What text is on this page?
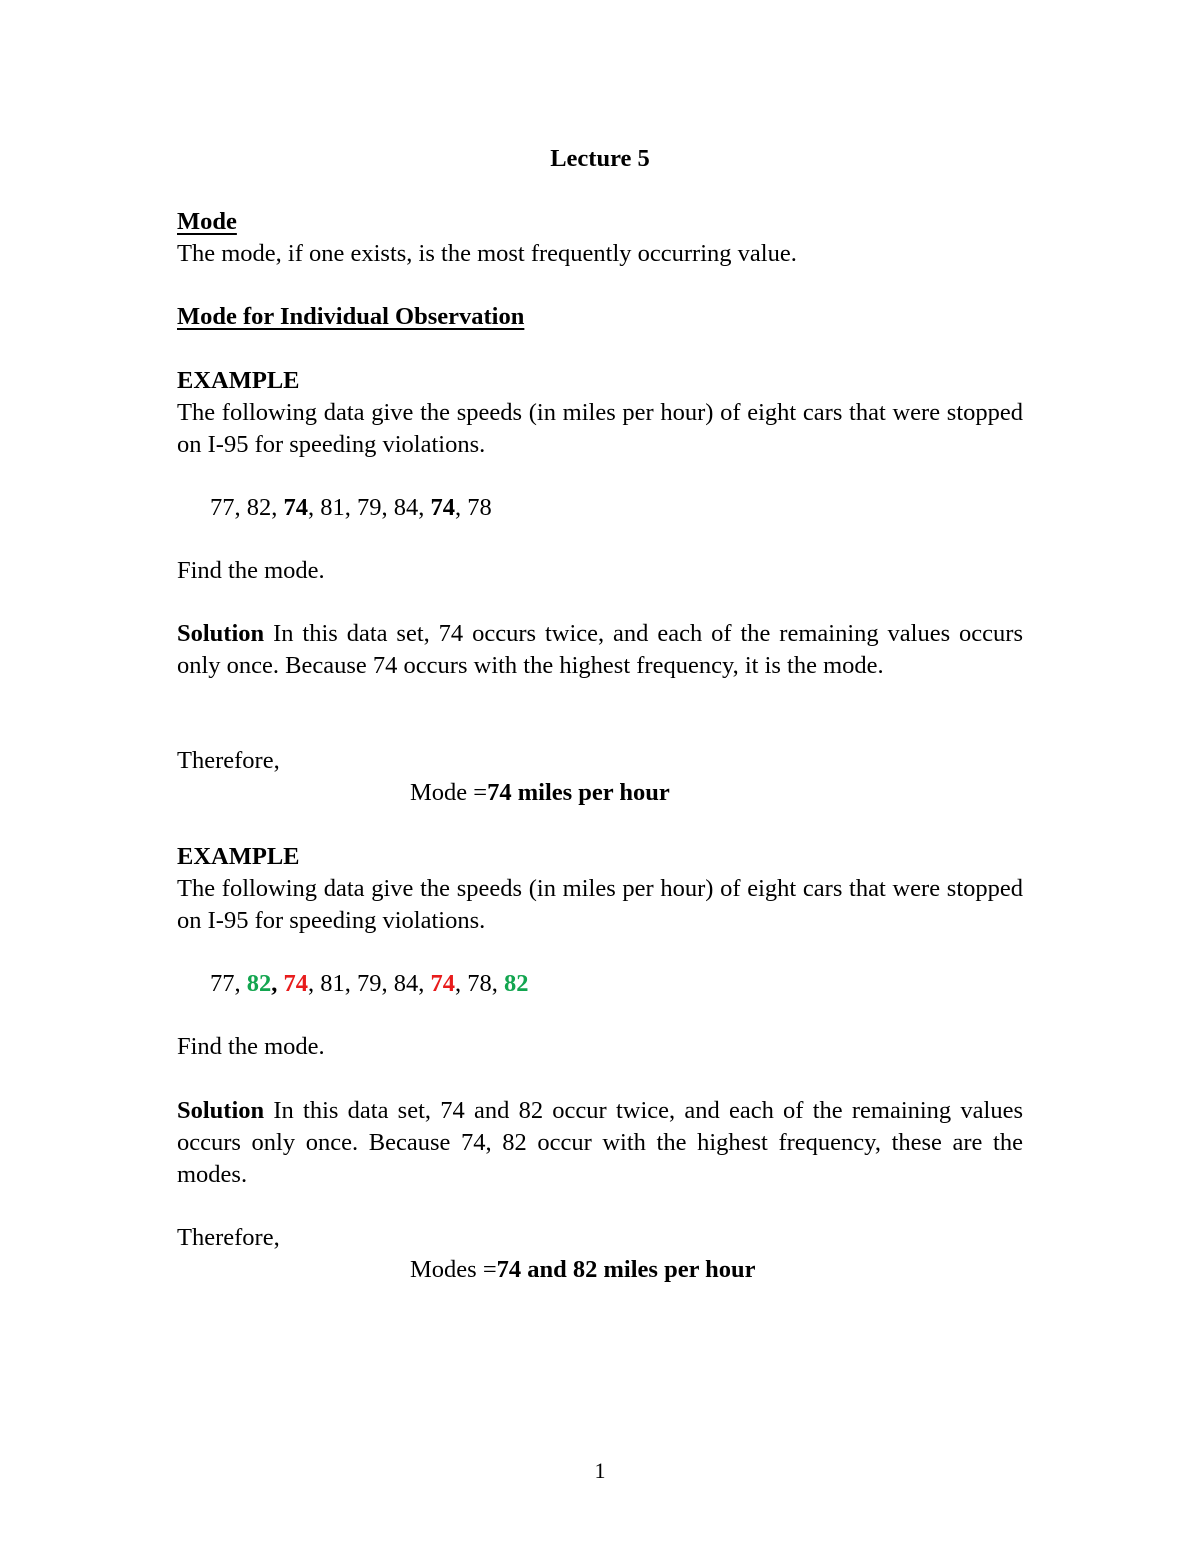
Lecture 5
Mode
The mode, if one exists, is the most frequently occurring value.
Mode for Individual Observation
EXAMPLE
The following data give the speeds (in miles per hour) of eight cars that were stopped on I-95 for speeding violations.
77, 82, 74, 81, 79, 84, 74, 78
Find the mode.
Solution In this data set, 74 occurs twice, and each of the remaining values occurs only once. Because 74 occurs with the highest frequency, it is the mode.
Therefore,
Mode =74 miles per hour
EXAMPLE
The following data give the speeds (in miles per hour) of eight cars that were stopped on I-95 for speeding violations.
77, 82, 74, 81, 79, 84, 74, 78, 82
Find the mode.
Solution In this data set, 74 and 82 occur twice, and each of the remaining values occurs only once. Because 74, 82 occur with the highest frequency, these are the modes.
Therefore,
Modes =74 and 82 miles per hour
1
